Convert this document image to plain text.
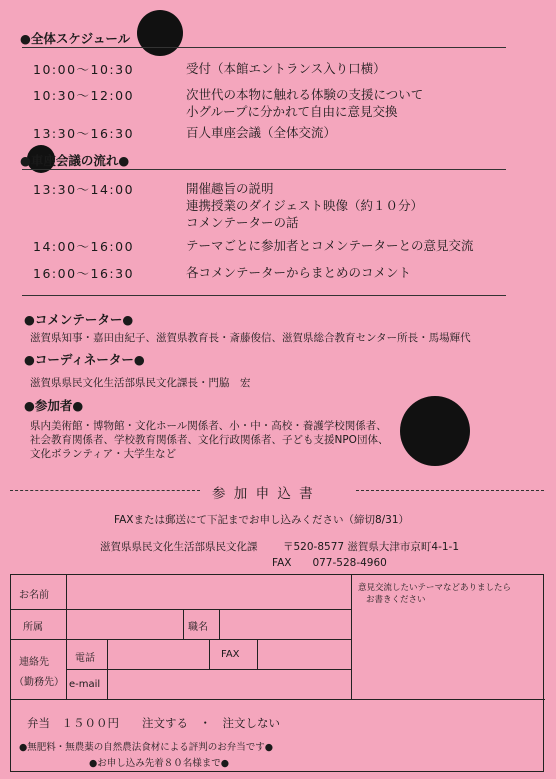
●全体スケジュール
10:00〜10:30	受付（本館エントランス入り口横）
10:30〜12:00	次世代の本物に触れる体験の支援について
小グループに分かれて自由に意見交換
13:30〜16:30	百人車座会議（全体交流）
●車座会議の流れ●
13:30〜14:00	開催趣旨の説明
連携授業のダイジェスト映像（約１０分）
コメンテーターの話
14:00〜16:00	テーマごとに参加者とコメンテーターとの意見交流
16:00〜16:30	各コメンテーターからまとめのコメント
●コメンテーター●
滋賀県知事・嘉田由紀子、滋賀県教育長・斎藤俊信、滋賀県総合教育センター所長・馬場輝代
●コーディネーター●
滋賀県県民文化生活部県民文化課長・門脇　宏
●参加者●
県内美術館・博物館・文化ホール関係者、小・中・高校・養護学校関係者、
社会教育関係者、学校教育関係者、文化行政関係者、子ども支援NPO団体、
文化ボランティア・大学生など
参 加 申 込 書
FAXまたは郵送にて下記までお申し込みください（締切8/31）
滋賀県県民文化生活部県民文化課 〒520-8577 滋賀県大津市京町4-1-1
FAX　　077-528-4960
お名前
所属	職名
連絡先
（勤務先）
電話	FAX
e-mail
意見交流したいテーマなどありましたら
お書きください
弁当　１５００円　　注文する　・　注文しない
●無肥料・無農薬の自然農法食材による評判のお弁当です●
●お申し込み先着８０名様まで●
